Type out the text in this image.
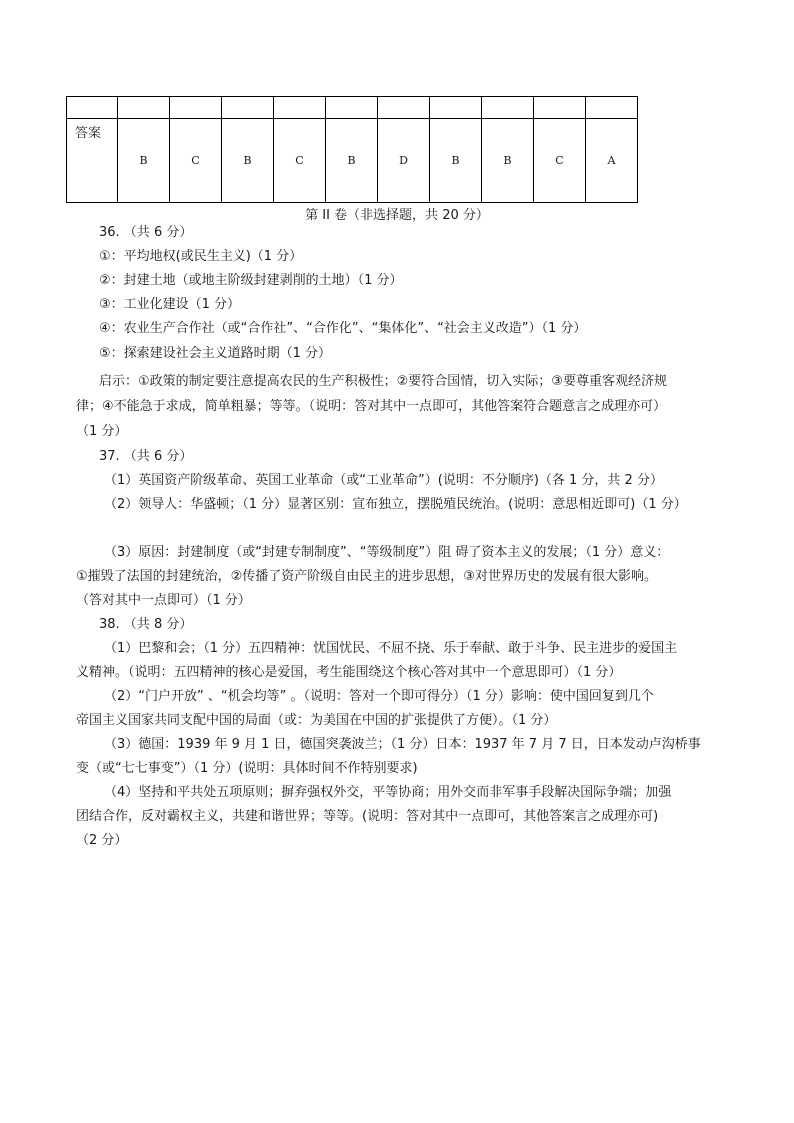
答案	B	C	B	C	B	D	B	B	C	A
第 II 卷（非选择题，共 20 分）
36. （共 6 分）
①：平均地权(或民生主义)（1 分）
②：封建土地（或地主阶级封建剥削的土地）（1 分）
③：工业化建设（1 分）
④：农业生产合作社（或“合作社”、“合作化”、“集体化”、“社会主义改造”）（1 分）
⑤：探索建设社会主义道路时期（1 分）
启示：①政策的制定要注意提高农民的生产积极性；②要符合国情，切入实际；③要尊重客观经济规
律；④不能急于求成，简单粗暴；等等。（说明：答对其中一点即可，其他答案符合题意言之成理亦可）
（1 分）
37. （共 6 分）
（1）英国资产阶级革命、英国工业革命（或“工业革命”）(说明：不分顺序)（各 1 分，共 2 分）
（2）领导人：华盛顿；（1 分）显著区别：宣布独立，摆脱殖民统治。(说明：意思相近即可)（1 分）
（3）原因：封建制度（或“封建专制制度”、“等级制度”）阻 碍了资本主义的发展；（1 分）意义：
①摧毁了法国的封建统治，②传播了资产阶级自由民主的进步思想，③对世界历史的发展有很大影响。
（答对其中一点即可）（1 分）
38. （共 8 分）
（1）巴黎和会；（1 分）五四精神：忧国忧民、不屈不挠、乐于奉献、敢于斗争、民主进步的爱国主
义精神。（说明：五四精神的核心是爱国，考生能围绕这个核心答对其中一个意思即可）（1 分）
（2）“门户开放” 、“机会均等” 。（说明：答对一个即可得分）（1 分）影响：使中国回复到几个
帝国主义国家共同支配中国的局面（或：为美国在中国的扩张提供了方便）。（1 分）
（3）德国：1939 年 9 月 1 日，德国突袭波兰；（1 分）日本：1937 年 7 月 7 日，日本发动卢沟桥事
变（或“七七事变”）（1 分）(说明：具体时间不作特别要求)
（4）坚持和平共处五项原则；摒弃强权外交，平等协商；用外交而非军事手段解决国际争端；加强
团结合作，反对霸权主义，共建和谐世界；等等。(说明：答对其中一点即可，其他答案言之成理亦可)
（2 分）
